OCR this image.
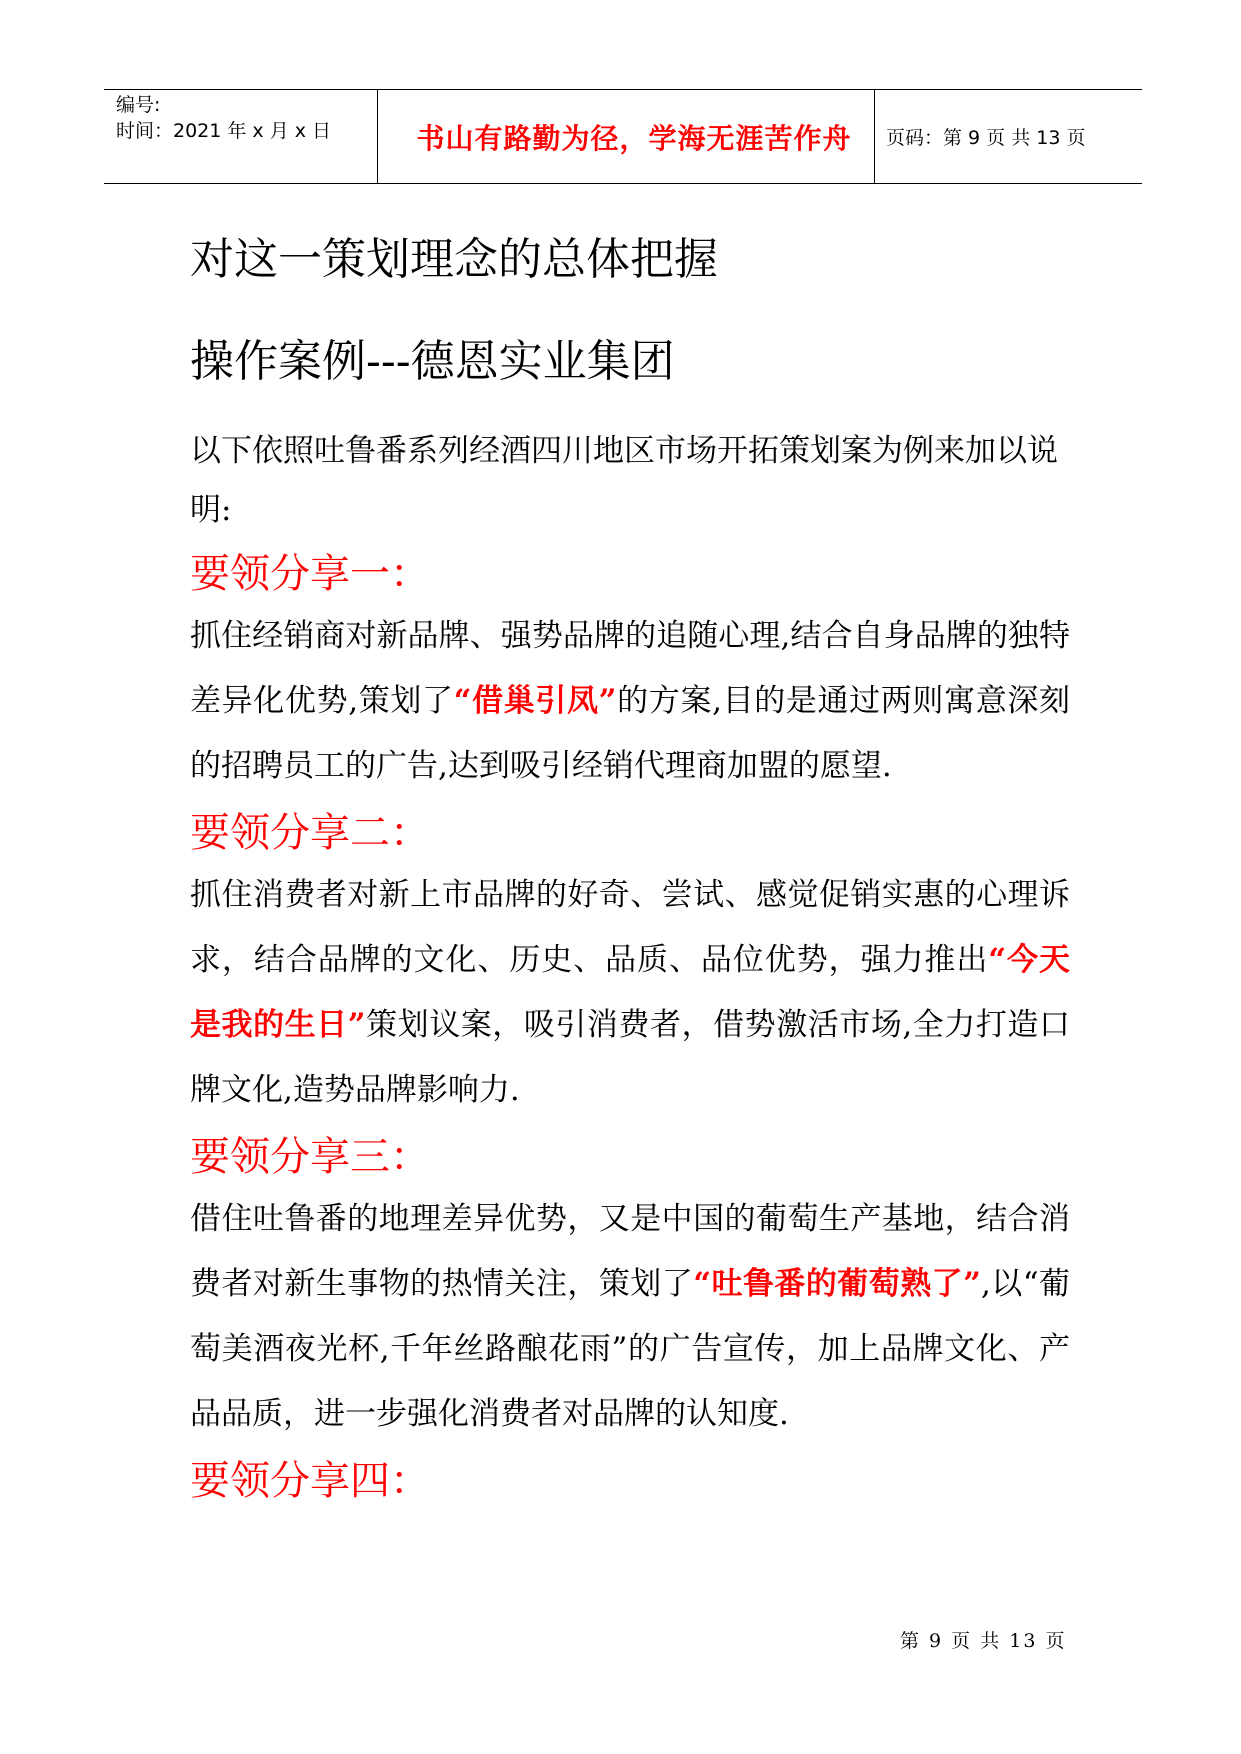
编号:
时间：2021 年 x 月 x 日	书山有路勤为径，学海无涯苦作舟	页码：第 9 页 共 13 页
对这一策划理念的总体把握
操作案例---德恩实业集团
以下依照吐鲁番系列经酒四川地区市场开拓策划案为例来加以说明:
要领分享一：
抓住经销商对新品牌、强势品牌的追随心理,结合自身品牌的独特差异化优势,策划了“借巢引凤”的方案,目的是通过两则寓意深刻的招聘员工的广告,达到吸引经销代理商加盟的愿望.
要领分享二：
抓住消费者对新上市品牌的好奇、尝试、感觉促销实惠的心理诉求，结合品牌的文化、历史、品质、品位优势，强力推出“今天是我的生日”策划议案，吸引消费者，借势激活市场,全力打造口牌文化,造势品牌影响力.
要领分享三：
借住吐鲁番的地理差异优势，又是中国的葡萄生产基地，结合消费者对新生事物的热情关注，策划了“吐鲁番的葡萄熟了”,以“葡萄美酒夜光杯,千年丝路酿花雨”的广告宣传，加上品牌文化、产品品质，进一步强化消费者对品牌的认知度.
要领分享四：
第 9 页 共 13 页
